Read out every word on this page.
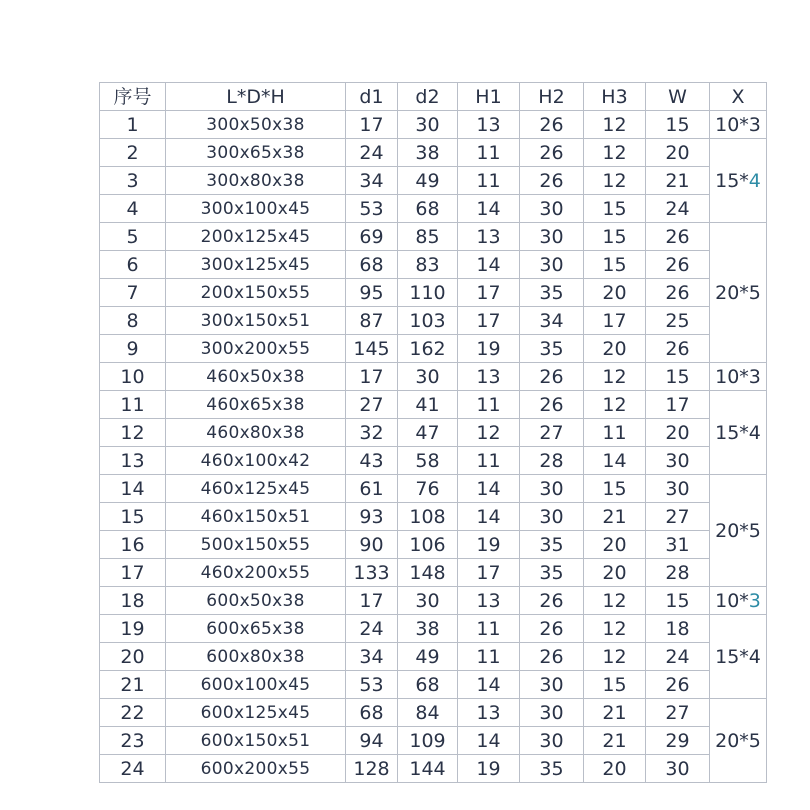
序号	L*D*H	d1	d2	H1	H2	H3	W	X
1	300x50x38	17	30	13	26	12	15	10*3
2	300x65x38	24	38	11	26	12	20	15*4
3	300x80x38	34	49	11	26	12	21	
4	300x100x45	53	68	14	30	15	24	
5	200x125x45	69	85	13	30	15	26	20*5
6	300x125x45	68	83	14	30	15	26	
7	200x150x55	95	110	17	35	20	26	
8	300x150x51	87	103	17	34	17	25	
9	300x200x55	145	162	19	35	20	26	
10	460x50x38	17	30	13	26	12	15	10*3
11	460x65x38	27	41	11	26	12	17	15*4
12	460x80x38	32	47	12	27	11	20	
13	460x100x42	43	58	11	28	14	30	
14	460x125x45	61	76	14	30	15	30	20*5
15	460x150x51	93	108	14	30	21	27	
16	500x150x55	90	106	19	35	20	31	
17	460x200x55	133	148	17	35	20	28	
18	600x50x38	17	30	13	26	12	15	10*3
19	600x65x38	24	38	11	26	12	18	15*4
20	600x80x38	34	49	11	26	12	24	
21	600x100x45	53	68	14	30	15	26	
22	600x125x45	68	84	13	30	21	27	20*5
23	600x150x51	94	109	14	30	21	29	
24	600x200x55	128	144	19	35	20	30	
